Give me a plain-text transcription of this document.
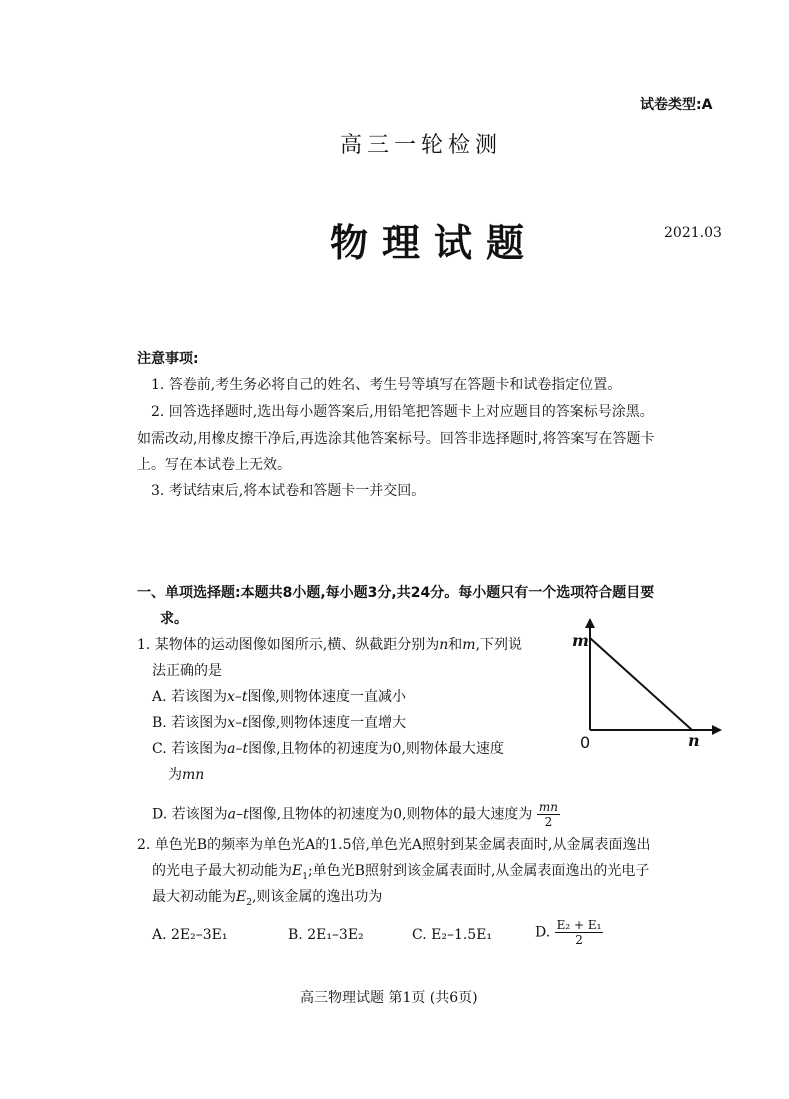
试卷类型:A
高三一轮检测
物理试题	2021.03
注意事项:
1. 答卷前,考生务必将自己的姓名、考生号等填写在答题卡和试卷指定位置。
2. 回答选择题时,选出每小题答案后,用铅笔把答题卡上对应题目的答案标号涂黑。
如需改动,用橡皮擦干净后,再选涂其他答案标号。回答非选择题时,将答案写在答题卡
上。写在本试卷上无效。
3. 考试结束后,将本试卷和答题卡一并交回。
一、单项选择题:本题共8小题,每小题3分,共24分。每小题只有一个选项符合题目要
求。
1. 某物体的运动图像如图所示,横、纵截距分别为n和m,下列说
法正确的是
A. 若该图为x–t图像,则物体速度一直减小
B. 若该图为x–t图像,则物体速度一直增大
C. 若该图为a–t图像,且物体的初速度为0,则物体最大速度
为mn
D. 若该图为a–t图像,且物体的初速度为0,则物体的最大速度为 $\frac{mn}{2}$
m
0	n
2. 单色光B的频率为单色光A的1.5倍,单色光A照射到某金属表面时,从金属表面逸出
的光电子最大初动能为$E_1$;单色光B照射到该金属表面时,从金属表面逸出的光电子
最大初动能为$E_2$,则该金属的逸出功为
A. 2E₂–3E₁	B. 2E₁–3E₂	C. E₂–1.5E₁	D. $\frac{\text{E₂ + E₁}}{2}$
高三物理试题 第1页 (共6页)
